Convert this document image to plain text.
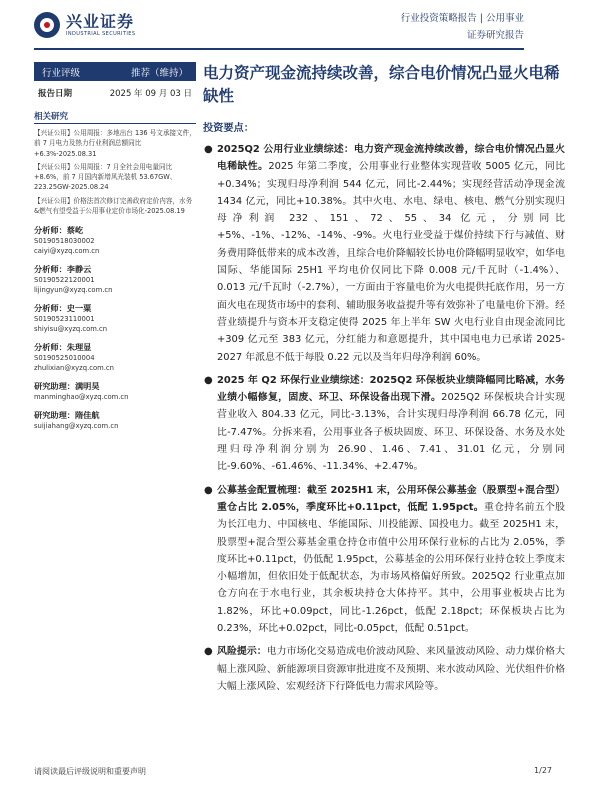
兴业证券
INDUSTRIAL SECURITIES
行业投资策略报告 | 公用事业
证券研究报告
行业评级	推荐（维持）
报告日期	2025 年 09 月 03 日
相关研究
【兴证公用】公用周报：多地出台 136 号文承接文件，前 7 月电力及热力行业利润总额同比+6.3%-2025.08.31
【兴证公用】公用周报：7 月全社会用电量同比+8.6%，前 7 月国内新增风光装机 53.67GW、223.25GW-2025.08.24
【兴证公用】价格法首次修订完善政府定价内容，水务&燃气有望受益于公用事业定价市场化-2025.08.19
分析师：蔡屹
S0190518030002
caiyi@xyzq.com.cn
分析师：李静云
S0190522120001
lijingyun@xyzq.com.cn
分析师：史一粟
S0190523110001
shiyisu@xyzq.com.cn
分析师：朱理显
S0190525010004
zhulixian@xyzq.com.cn
研究助理：满明昊
manminghao@xyzq.com.cn
研究助理：隋佳航
suijiahang@xyzq.com.cn
电力资产现金流持续改善，综合电价情况凸显火电稀缺性
投资要点：
● 2025Q2 公用行业业绩综述：电力资产现金流持续改善，综合电价情况凸显火电稀缺性。2025 年第二季度，公用事业行业整体实现营收 5005 亿元，同比+0.34%；实现归母净利润 544 亿元，同比-2.44%；实现经营活动净现金流 1434 亿元，同比+10.38%。其中火电、水电、绿电、核电、燃气分别实现归母净利润 232、151、72、55、34 亿元，分别同比+5%、-1%、-12%、-14%、-9%。火电行业受益于煤价持续下行与减值、财务费用降低带来的成本改善，且综合电价降幅较长协电价降幅明显收窄，如华电国际、华能国际 25H1 平均电价仅同比下降 0.008 元/千瓦时（-1.4%）、0.013 元/千瓦时（-2.7%），一方面由于容量电价为火电提供托底作用，另一方面火电在现货市场中的套利、辅助服务收益提升等有效弥补了电量电价下滑。经营业绩提升与资本开支稳定使得 2025 年上半年 SW 火电行业自由现金流同比+309 亿元至 383 亿元，分红能力和意愿提升，其中国电电力已承诺 2025-2027 年派息不低于每股 0.22 元以及当年归母净利润 60%。
● 2025 年 Q2 环保行业业绩综述：2025Q2 环保板块业绩降幅同比略减，水务业绩小幅修复，固废、环卫、环保设备出现下滑。2025Q2 环保板块合计实现营业收入 804.33 亿元，同比-3.13%，合计实现归母净利润 66.78 亿元，同比-7.47%。分拆来看，公用事业各子板块固废、环卫、环保设备、水务及水处理归母净利润分别为 26.90、1.46、7.41、31.01 亿元，分别同比-9.60%、-61.46%、-11.34%、+2.47%。
● 公募基金配置梳理：截至 2025H1 末，公用环保公募基金（股票型+混合型）重仓占比 2.05%，季度环比+0.11pct，低配 1.95pct。重仓持名前五个股为长江电力、中国核电、华能国际、川投能源、国投电力。截至 2025H1 末，股票型+混合型公募基金重仓持仓市值中公用环保行业标的占比为 2.05%，季度环比+0.11pct，仍低配 1.95pct，公募基金的公用环保行业持仓较上季度末小幅增加，但依旧处于低配状态，为市场风格偏好所致。2025Q2 行业重点加仓方向在于水电行业，其余板块持仓大体持平。其中，公用事业板块占比为 1.82%，环比+0.09pct，同比-1.26pct，低配 2.18pct；环保板块占比为 0.23%，环比+0.02pct，同比-0.05pct，低配 0.51pct。
● 风险提示：电力市场化交易造成电价波动风险、来风量波动风险、动力煤价格大幅上涨风险、新能源项目资源审批进度不及预期、来水波动风险、光伏组件价格大幅上涨风险、宏观经济下行降低电力需求风险等。
请阅读最后评级说明和重要声明	1/27
